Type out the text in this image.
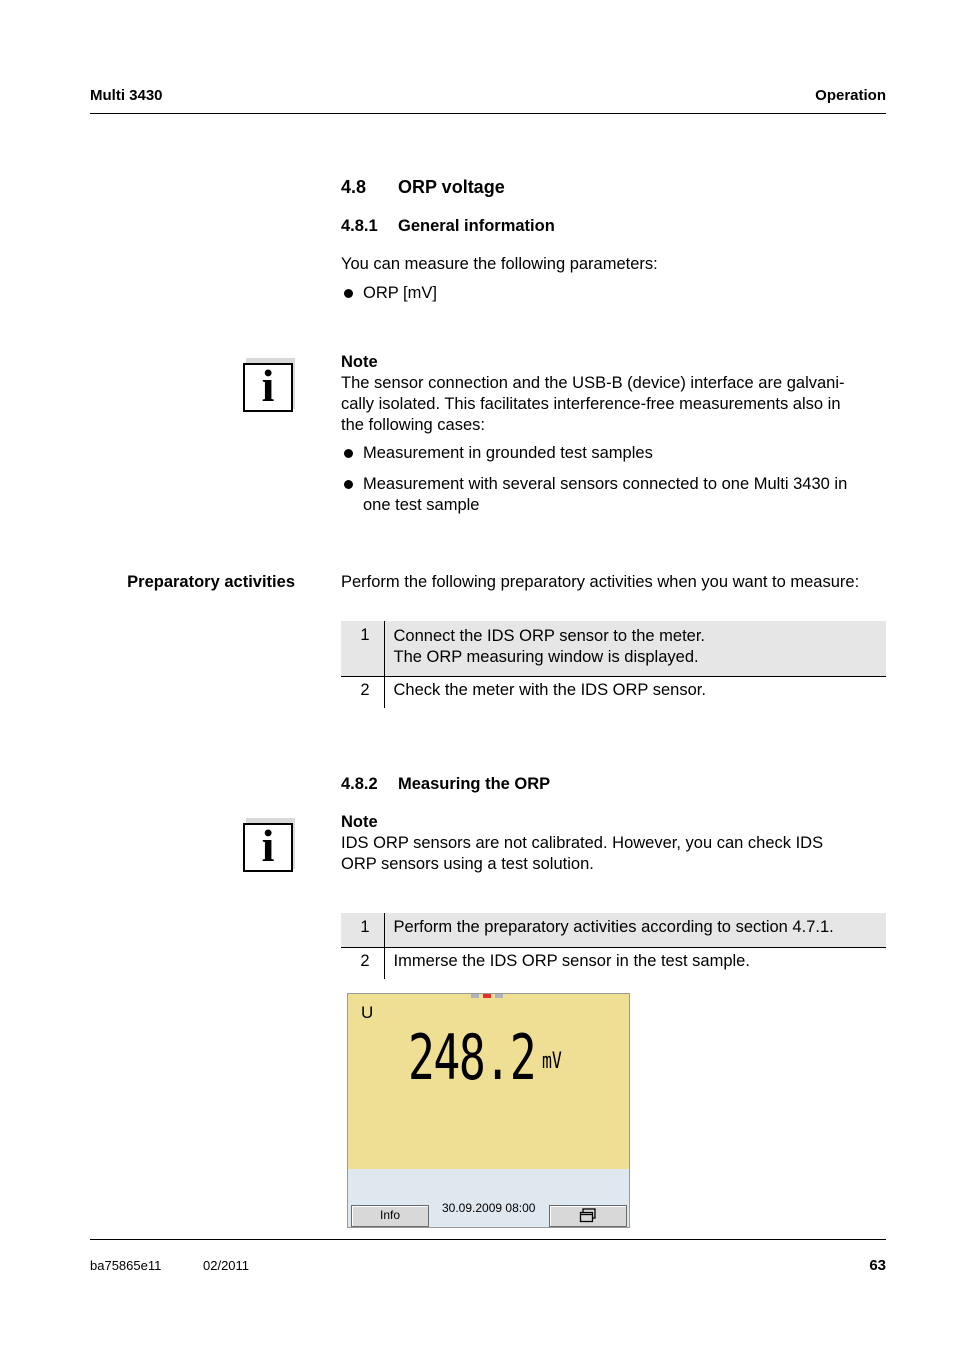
Multi 3430	Operation
4.8 ORP voltage
4.8.1 General information
You can measure the following parameters:
ORP [mV]
i	Note
The sensor connection and the USB-B (device) interface are galvani-
cally isolated. This facilitates interference-free measurements also in
the following cases:
Measurement in grounded test samples
Measurement with several sensors connected to one Multi 3430 in
one test sample
Preparatory activities	Perform the following preparatory activities when you want to measure:
1	Connect the IDS ORP sensor to the meter.
The ORP measuring window is displayed.

2	Check the meter with the IDS ORP sensor.
4.8.2 Measuring the ORP
i	Note
IDS ORP sensors are not calibrated. However, you can check IDS
ORP sensors using a test solution.
1	Perform the preparatory activities according to section 4.7.1.
2	Immerse the IDS ORP sensor in the test sample.
U
248.2 mV
30.09.2009 08:00
Info
ba75865e11	02/2011	63
